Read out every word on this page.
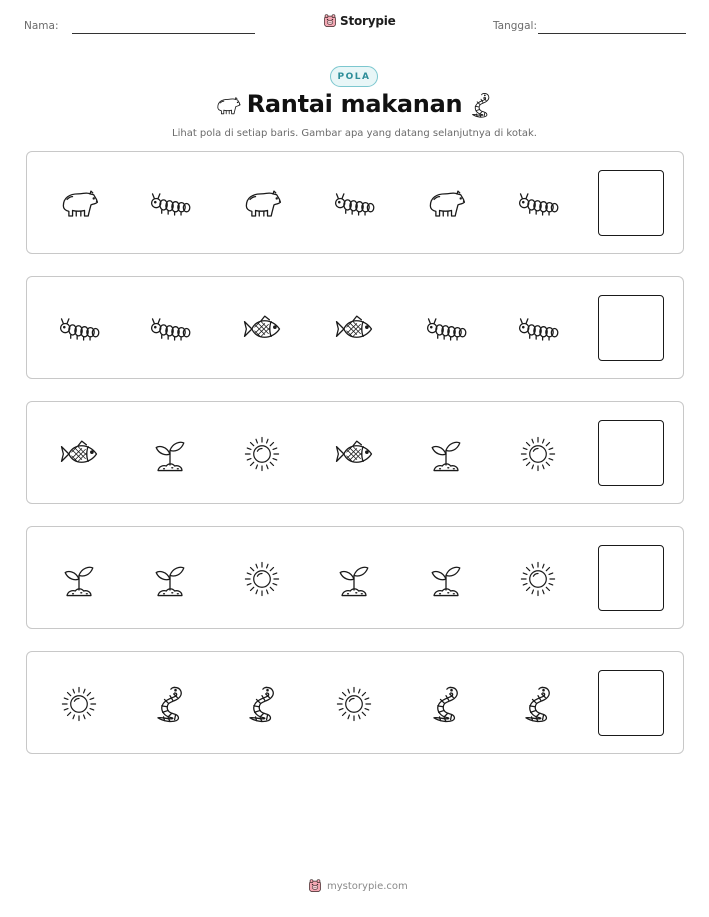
Nama:	Storypie	Tanggal:
POLA
Rantai makanan
Lihat pola di setiap baris. Gambar apa yang datang selanjutnya di kotak.
mystorypie.com
